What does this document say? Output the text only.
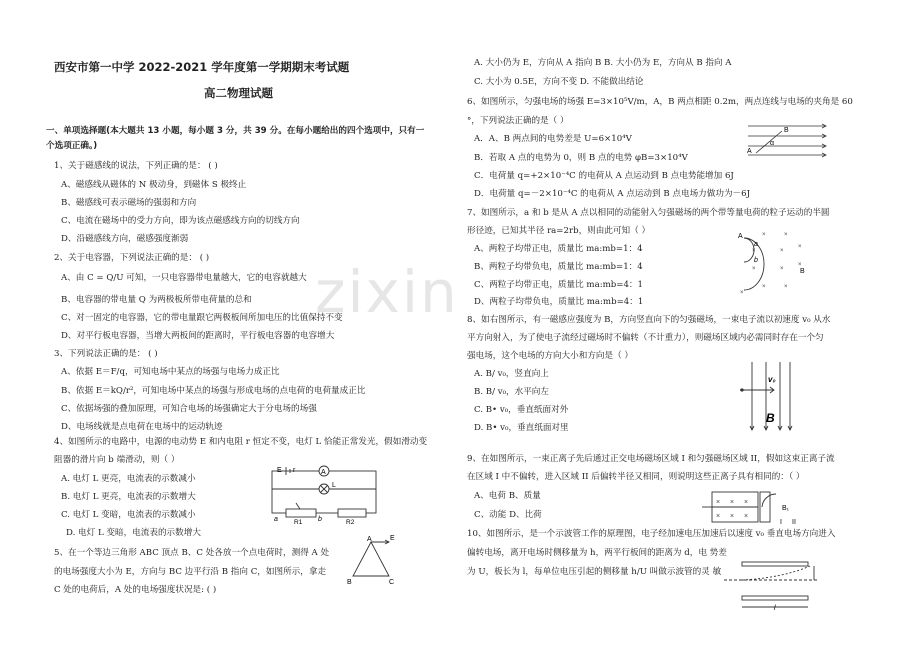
zixin
西安市第一中学 2022-2021 学年度第一学期期末考试题
高二物理试题
一、单项选择题(本大题共 13 小题，每小题 3 分，共 39 分。在每小题给出的四个选项中，只有一
个选项正确。)
1、关于磁感线的说法，下列正确的是： ( )
A、磁感线从磁体的 N 极动身，到磁体 S 极终止
B、磁感线可表示磁场的强弱和方向
C、电流在磁场中的受力方向，即为该点磁感线方向的切线方向
D、沿磁感线方向，磁感强度渐弱
2、关于电容器，下列说法正确的是： ( )
A、由 C = Q/U 可知，一只电容器带电量越大，它的电容就越大
B、电容器的带电量 Q 为两极板所带电荷量的总和
C、对一固定的电容器，它的带电量跟它两极板间所加电压的比值保持不变
D、对平行板电容器，当增大两板间的距离时，平行板电容器的电容增大
3、下列说法正确的是： ( )
A、依据 E＝F/q，可知电场中某点的场强与电场力成正比
B、依据 E＝kQ/r²，可知电场中某点的场强与形成电场的点电荷的电荷量成正比
C、依据场强的叠加原理，可知合电场的场强确定大于分电场的场强
D、电场线就是点电荷在电场中的运动轨迹
4、如图所示的电路中，电源的电动势 E 和内电阻 r 恒定不变，电灯 L 恰能正常发光，假如滑动变
阻器的滑片向 b 端滑动，则（ ）
A. 电灯 L 更亮，电流表的示数减小
B. 电灯 L 更亮，电流表的示数增大
C. 电灯 L 变暗，电流表的示数减小
D. 电灯 L 变暗，电流表的示数增大
5、在一个等边三角形 ABC 顶点 B、C 处各放一个点电荷时，测得 A 处
的电场强度大小为 E，方向与 BC 边平行沿 B 指向 C，如图所示，拿走
C 处的电荷后，A 处的电场强度状况是: ( )
E r	A
L
a	b
R1	R2
A	E
B	C
A. 大小仍为 E，方向从 A 指向 B B. 大小仍为 E，方向从 B 指向 A
C. 大小为 0.5E，方向不变 D. 不能做出结论
6、如图所示，匀强电场的场强 E=3×10⁵V/m，A，B 两点相距 0.2m，两点连线与电场的夹角是 60
°，下列说法正确的是（ ）
A．A、B 两点间的电势差是 U=6×10⁴V
B．若取 A 点的电势为 0，则 B 点的电势 φB=3×10⁴V
C．电荷量 q=+2×10⁻⁴C 的电荷从 A 点运动到 B 点电势能增加 6J
D．电荷量 q=－2×10⁻⁴C 的电荷从 A 点运动到 B 点电场力做功为－6J
7、如图所示，a 和 b 是从 A 点以相同的动能射入匀强磁场的两个带等量电荷的粒子运动的半圆
形径迹，已知其半径 ra=2rb，则由此可知（ ）
A、两粒子均带正电，质量比 ma:mb=1：4
B、两粒子均带负电，质量比 ma:mb=1：4
C、两粒子均带正电，质量比 ma:mb=4：1
D、两粒子均带负电，质量比 ma:mb=4：1
8、如右图所示，有一磁感应强度为 B，方向竖直向下的匀强磁场，一束电子流以初速度 v₀ 从水
平方向射入，为了使电子流经过磁场时不偏转（不计重力），则磁场区域内必需同时存在一个匀
强电场，这个电场的方向大小和方向是（ ）
A. B/ v₀，竖直向上
B. B/ v₀，水平向左
C. B• v₀，垂直纸面对外
D. B• v₀，垂直纸面对里
9、在如图所示，一束正离子先后通过正交电场磁场区域 I 和匀强磁场区域 II，假如这束正离子流
在区域 I 中不偏转，进入区域 II 后偏转半径又相同，则说明这些正离子具有相同的：（ ）
A、电荷 B、质量
C、动能 D、比荷
10、如图所示，是一个示波管工作的原理图，电子经加速电压加速后以速度 v₀ 垂直电场方向进入
偏转电场，离开电场时侧移量为 h，两平行板间的距离为 d，电 势差
为 U，板长为 l，每单位电压引起的侧移量 h/U 叫做示波管的灵 敏
A
B
α
×	×
×
×	×
×
×	×
×	×
×
A
a
b
B
v₀
B
× × ×
× × ×
B₁
I II
l
